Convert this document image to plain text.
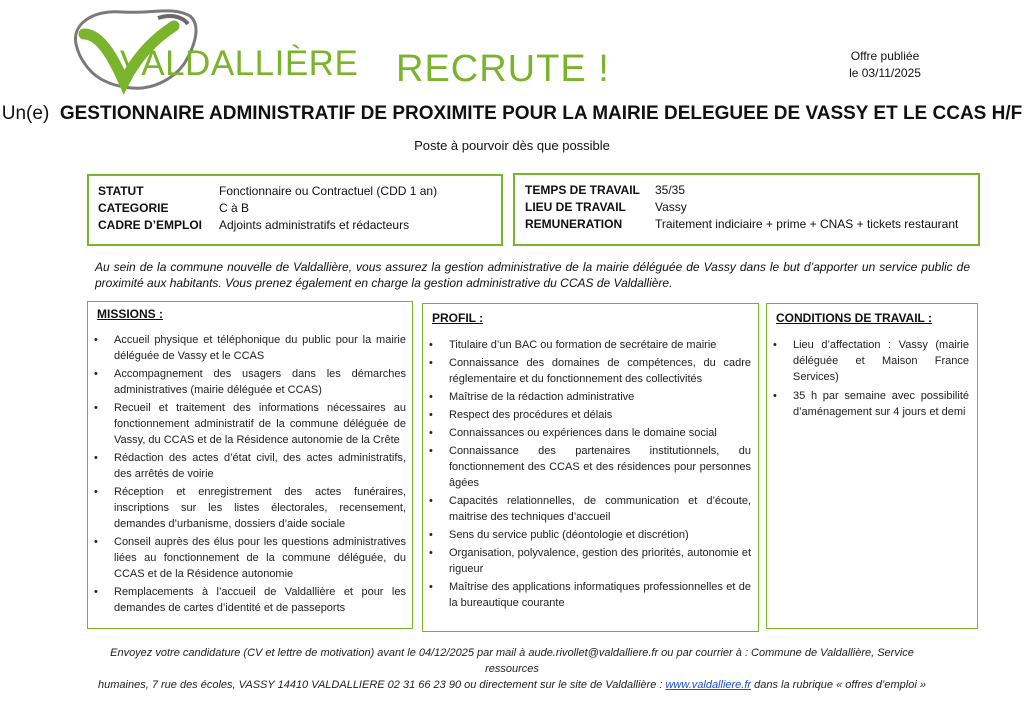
VALDALLIÈRE RECRUTE !	Offre publiée
le 03/11/2025
Un(e) GESTIONNAIRE ADMINISTRATIF DE PROXIMITE POUR LA MAIRIE DELEGUEE DE VASSY ET LE CCAS H/F
Poste à pourvoir dès que possible
STATUT	Fonctionnaire ou Contractuel (CDD 1 an)
CATEGORIE	C à B
CADRE D’EMPLOI Adjoints administratifs et rédacteurs
TEMPS DE TRAVAIL 35/35
LIEU DE TRAVAIL Vassy
REMUNERATION	Traitement indiciaire + prime + CNAS + tickets restaurant
Au sein de la commune nouvelle de Valdallière, vous assurez la gestion administrative de la mairie déléguée de Vassy dans le but d’apporter un service public de proximité aux habitants. Vous prenez également en charge la gestion administrative du CCAS de Valdallière.
MISSIONS :
• Accueil physique et téléphonique du public pour la mairie déléguée de Vassy et le CCAS
• Accompagnement des usagers dans les démarches administratives (mairie déléguée et CCAS)
• Recueil et traitement des informations nécessaires au fonctionnement administratif de la commune déléguée de Vassy, du CCAS et de la Résidence autonomie de la Crête
• Rédaction des actes d’état civil, des actes administratifs, des arrêtés de voirie
• Réception et enregistrement des actes funéraires, inscriptions sur les listes électorales, recensement, demandes d’urbanisme, dossiers d’aide sociale
• Conseil auprès des élus pour les questions administratives liées au fonctionnement de la commune déléguée, du CCAS et de la Résidence autonomie
• Remplacements à l’accueil de Valdallière et pour les demandes de cartes d’identité et de passeports
PROFIL :
• Titulaire d’un BAC ou formation de secrétaire de mairie
• Connaissance des domaines de compétences, du cadre réglementaire et du fonctionnement des collectivités
• Maîtrise de la rédaction administrative
• Respect des procédures et délais
• Connaissances ou expériences dans le domaine social
• Connaissance des partenaires institutionnels, du fonctionnement des CCAS et des résidences pour personnes âgées
• Capacités relationnelles, de communication et d’écoute, maitrise des techniques d’accueil
• Sens du service public (déontologie et discrétion)
• Organisation, polyvalence, gestion des priorités, autonomie et rigueur
• Maîtrise des applications informatiques professionnelles et de la bureautique courante
CONDITIONS DE TRAVAIL :
• Lieu d’affectation : Vassy (mairie déléguée et Maison France Services)
• 35 h par semaine avec possibilité d’aménagement sur 4 jours et demi
Envoyez votre candidature (CV et lettre de motivation) avant le 04/12/2025 par mail à aude.rivollet@valdalliere.fr ou par courrier à : Commune de Valdallière, Service ressources
humaines, 7 rue des écoles, VASSY 14410 VALDALLIERE 02 31 66 23 90 ou directement sur le site de Valdallière : www.valdalliere.fr dans la rubrique « offres d’emploi »
